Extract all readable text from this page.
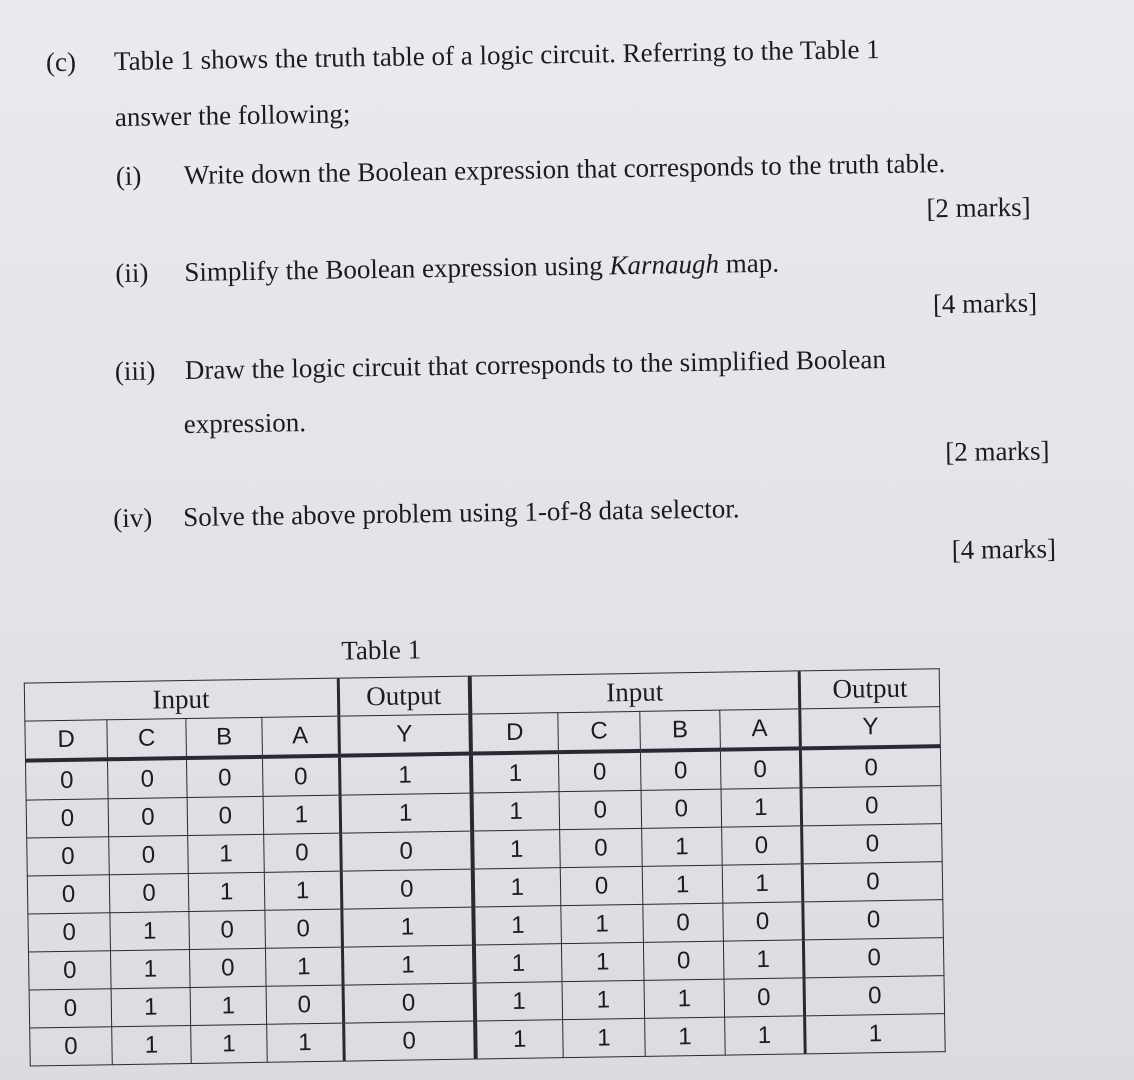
(c) Table 1 shows the truth table of a logic circuit. Referring to the Table 1
answer the following;
(i) Write down the Boolean expression that corresponds to the truth table.
[2 marks]
(ii) Simplify the Boolean expression using Karnaugh map.
[4 marks]
(iii) Draw the logic circuit that corresponds to the simplified Boolean
expression.
[2 marks]
(iv) Solve the above problem using 1-of-8 data selector.
[4 marks]
Table 1
Input				Output	Input				Output
D	C	B	A	Y	D	C	B	A	Y
0	0	0	0	1	1	0	0	0	0
0	0	0	1	1	1	0	0	1	0
0	0	1	0	0	1	0	1	0	0
0	0	1	1	0	1	0	1	1	0
0	1	0	0	1	1	1	0	0	0
0	1	0	1	1	1	1	0	1	0
0	1	1	0	0	1	1	1	0	0
0	1	1	1	0	1	1	1	1	1
